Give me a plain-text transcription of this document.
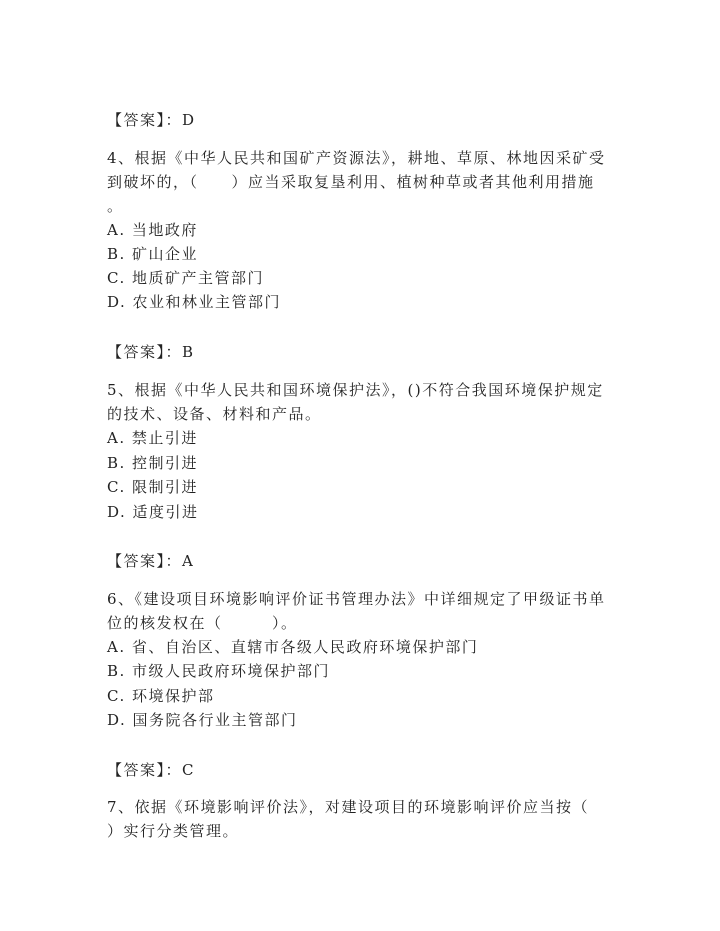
【答案】：D
4、根据《中华人民共和国矿产资源法》，耕地、草原、林地因采矿受
到破坏的，（　　）应当采取复垦利用、植树种草或者其他利用措施
。
A. 当地政府
B. 矿山企业
C. 地质矿产主管部门
D. 农业和林业主管部门
【答案】：B
5、根据《中华人民共和国环境保护法》，()不符合我国环境保护规定
的技术、设备、材料和产品。
A. 禁止引进
B. 控制引进
C. 限制引进
D. 适度引进
【答案】：A
6、《建设项目环境影响评价证书管理办法》中详细规定了甲级证书单
位的核发权在（　　　）。
A. 省、自治区、直辖市各级人民政府环境保护部门
B. 市级人民政府环境保护部门
C. 环境保护部
D. 国务院各行业主管部门
【答案】：C
7、依据《环境影响评价法》，对建设项目的环境影响评价应当按（
）实行分类管理。
